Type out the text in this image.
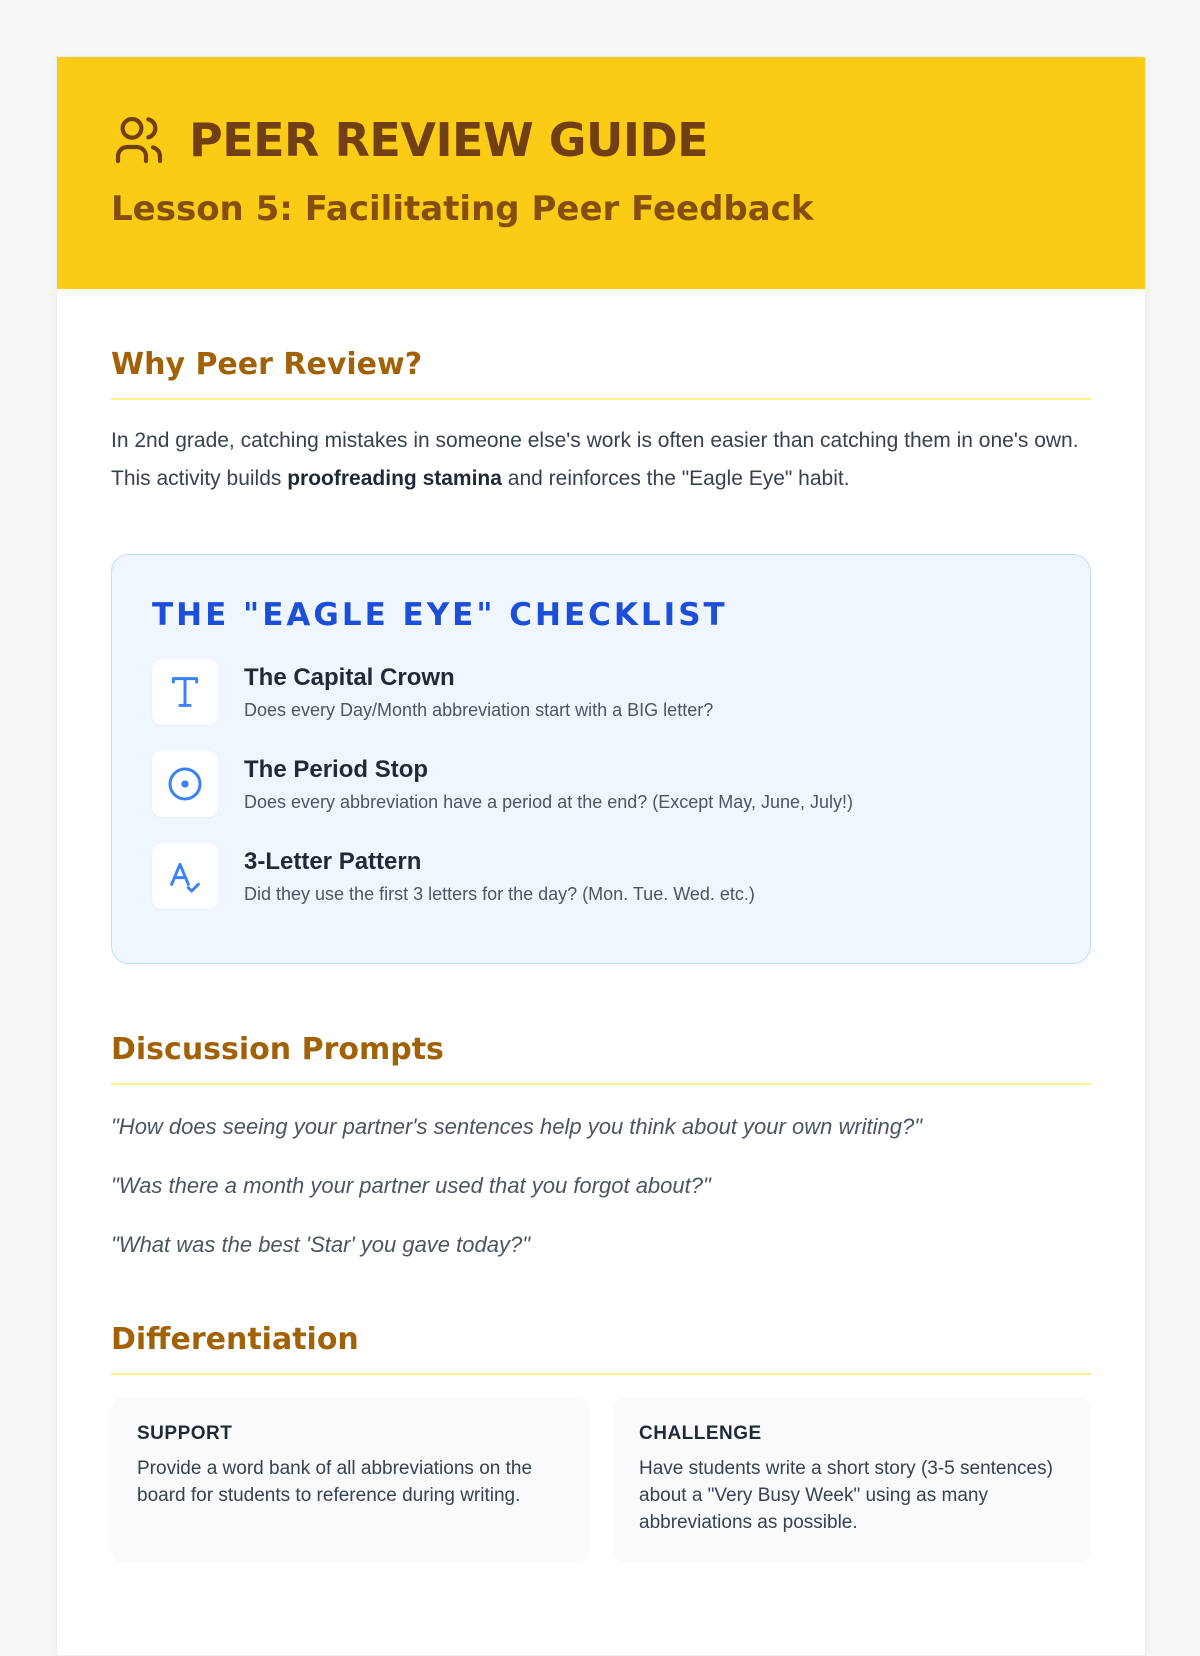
PEER REVIEW GUIDE
Lesson 5: Facilitating Peer Feedback
Why Peer Review?
In 2nd grade, catching mistakes in someone else's work is often easier than catching them in one's own. This activity builds proofreading stamina and reinforces the "Eagle Eye" habit.
THE "EAGLE EYE" CHECKLIST
The Capital Crown
Does every Day/Month abbreviation start with a BIG letter?
The Period Stop
Does every abbreviation have a period at the end? (Except May, June, July!)
3-Letter Pattern
Did they use the first 3 letters for the day? (Mon. Tue. Wed. etc.)
Discussion Prompts
"How does seeing your partner's sentences help you think about your own writing?"
"Was there a month your partner used that you forgot about?"
"What was the best 'Star' you gave today?"
Differentiation
SUPPORT
Provide a word bank of all abbreviations on the board for students to reference during writing.
CHALLENGE
Have students write a short story (3-5 sentences) about a "Very Busy Week" using as many abbreviations as possible.
